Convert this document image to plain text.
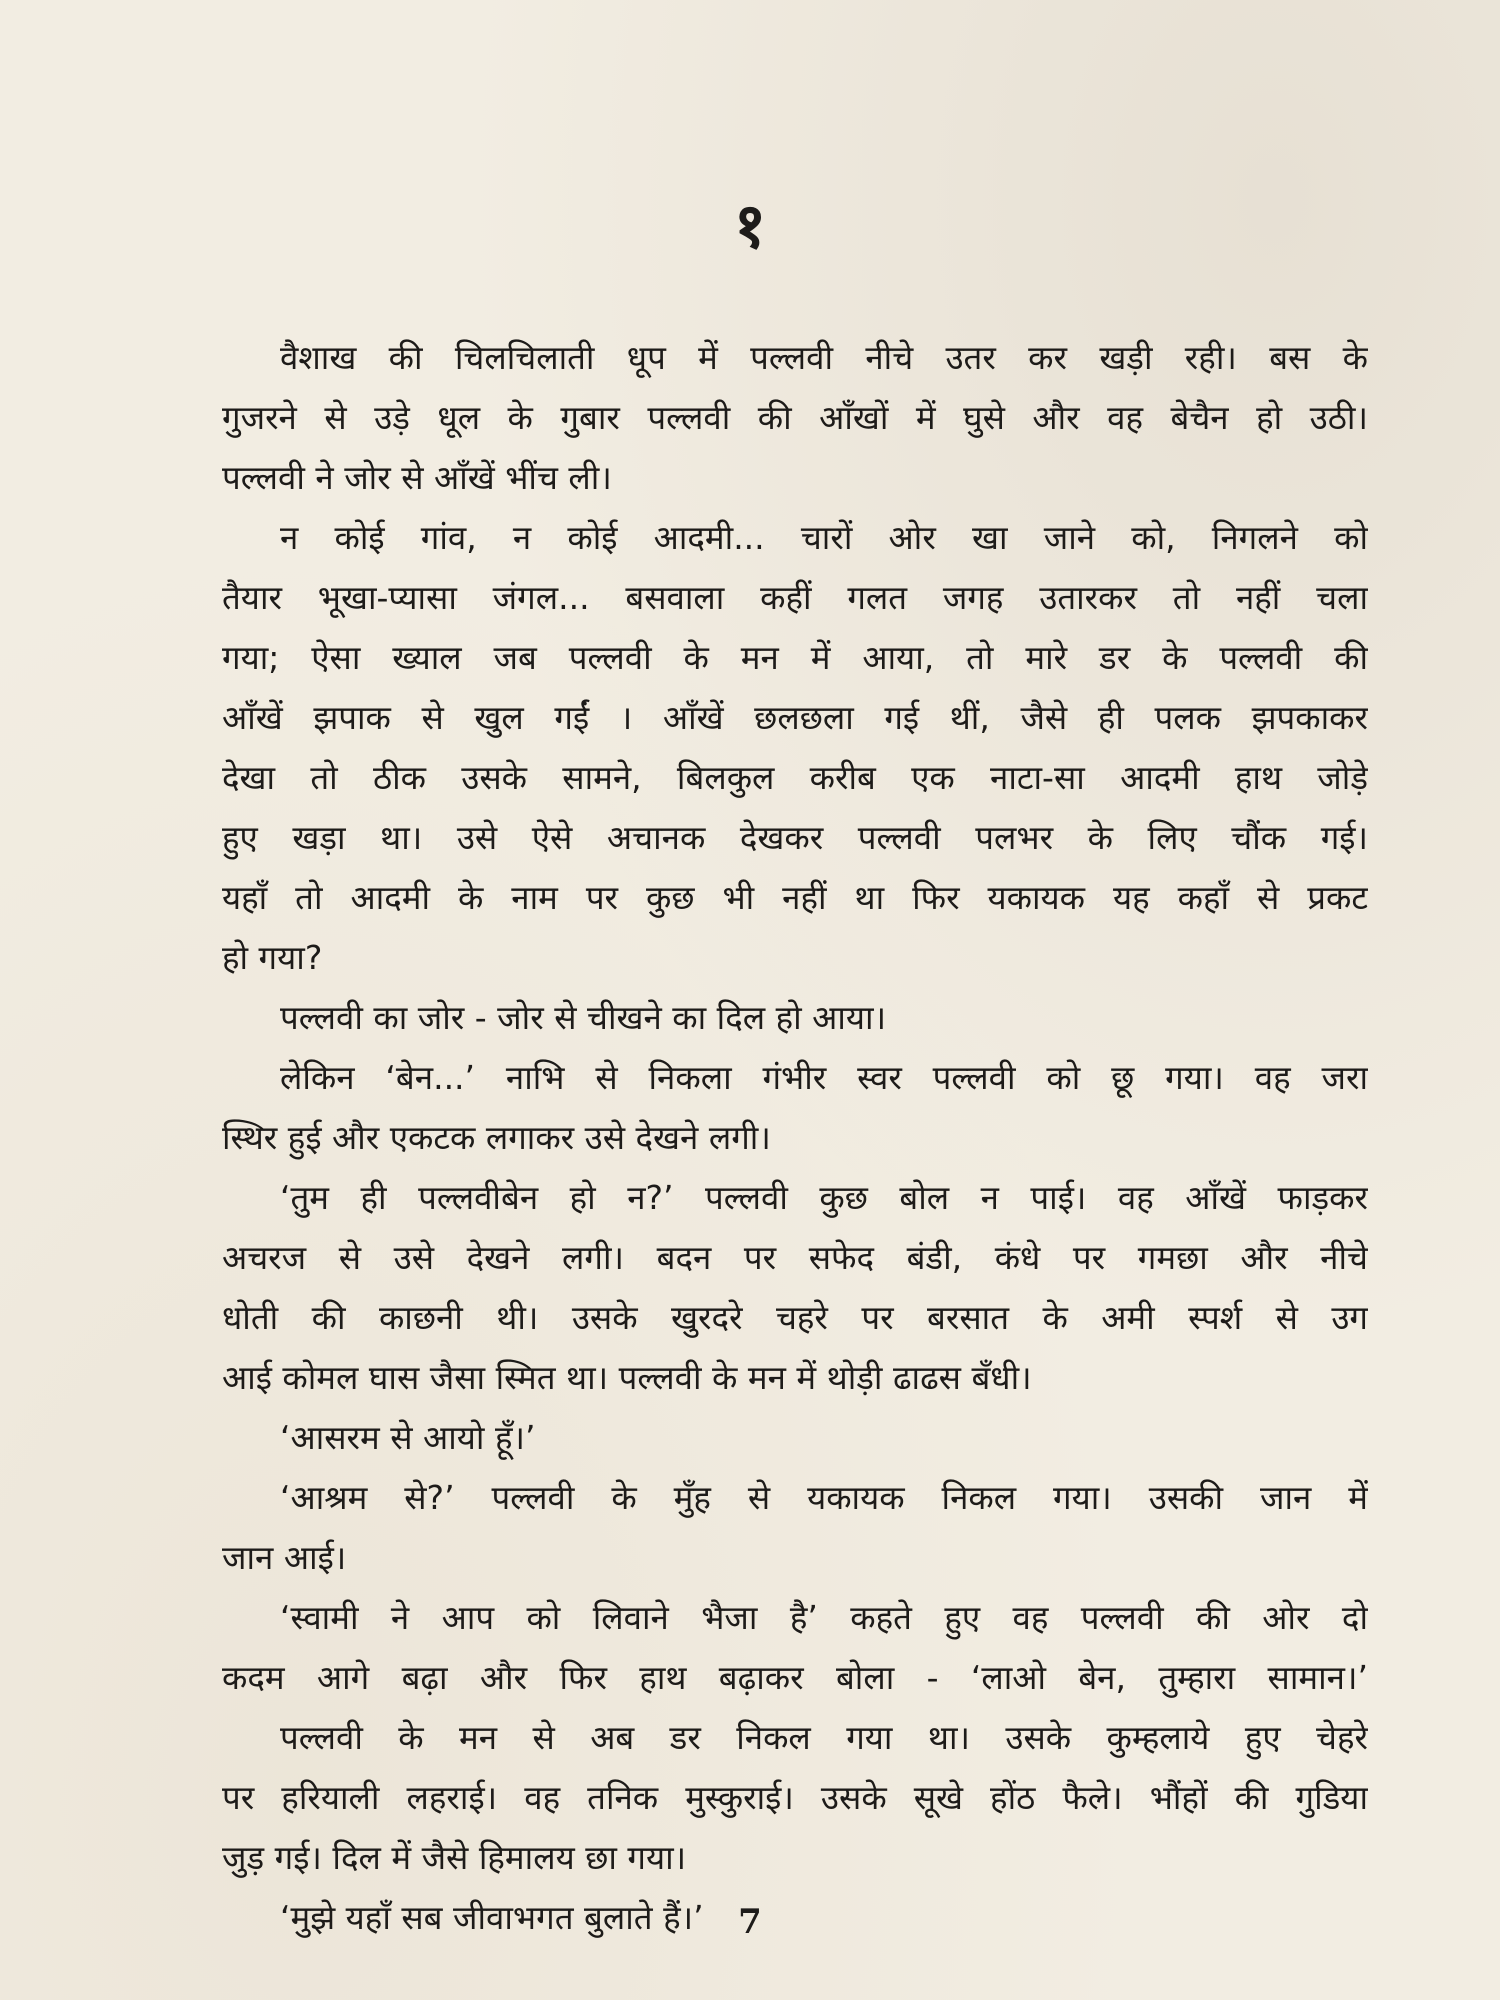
१
वैशाख की चिलचिलाती धूप में पल्लवी नीचे उतर कर खड़ी रही। बस के
गुजरने से उड़े धूल के गुबार पल्लवी की आँखों में घुसे और वह बेचैन हो उठी।
पल्लवी ने जोर से आँखें भींच ली।
न कोई गांव, न कोई आदमी... चारों ओर खा जाने को, निगलने को
तैयार भूखा-प्यासा जंगल... बसवाला कहीं गलत जगह उतारकर तो नहीं चला
गया; ऐसा ख्याल जब पल्लवी के मन में आया, तो मारे डर के पल्लवी की
आँखें झपाक से खुल गईं । आँखें छलछला गई थीं, जैसे ही पलक झपकाकर
देखा तो ठीक उसके सामने, बिलकुल करीब एक नाटा-सा आदमी हाथ जोड़े
हुए खड़ा था। उसे ऐसे अचानक देखकर पल्लवी पलभर के लिए चौंक गई।
यहाँ तो आदमी के नाम पर कुछ भी नहीं था फिर यकायक यह कहाँ से प्रकट
हो गया?
पल्लवी का जोर - जोर से चीखने का दिल हो आया।
लेकिन ‘बेन...’ नाभि से निकला गंभीर स्वर पल्लवी को छू गया। वह जरा
स्थिर हुई और एकटक लगाकर उसे देखने लगी।
‘तुम ही पल्लवीबेन हो न?’ पल्लवी कुछ बोल न पाई। वह आँखें फाड़कर
अचरज से उसे देखने लगी। बदन पर सफेद बंडी, कंधे पर गमछा और नीचे
धोती की काछनी थी। उसके खुरदरे चहरे पर बरसात के अमी स्पर्श से उग
आई कोमल घास जैसा स्मित था। पल्लवी के मन में थोड़ी ढाढस बँधी।
‘आसरम से आयो हूँ।’
‘आश्रम से?’ पल्लवी के मुँह से यकायक निकल गया। उसकी जान में
जान आई।
‘स्वामी ने आप को लिवाने भैजा है’ कहते हुए वह पल्लवी की ओर दो
कदम आगे बढ़ा और फिर हाथ बढ़ाकर बोला - ‘लाओ बेन, तुम्हारा सामान।’
पल्लवी के मन से अब डर निकल गया था। उसके कुम्हलाये हुए चेहरे
पर हरियाली लहराई। वह तनिक मुस्कुराई। उसके सूखे होंठ फैले। भौंहों की गुडिया
जुड़ गई। दिल में जैसे हिमालय छा गया।
‘मुझे यहाँ सब जीवाभगत बुलाते हैं।’	7
